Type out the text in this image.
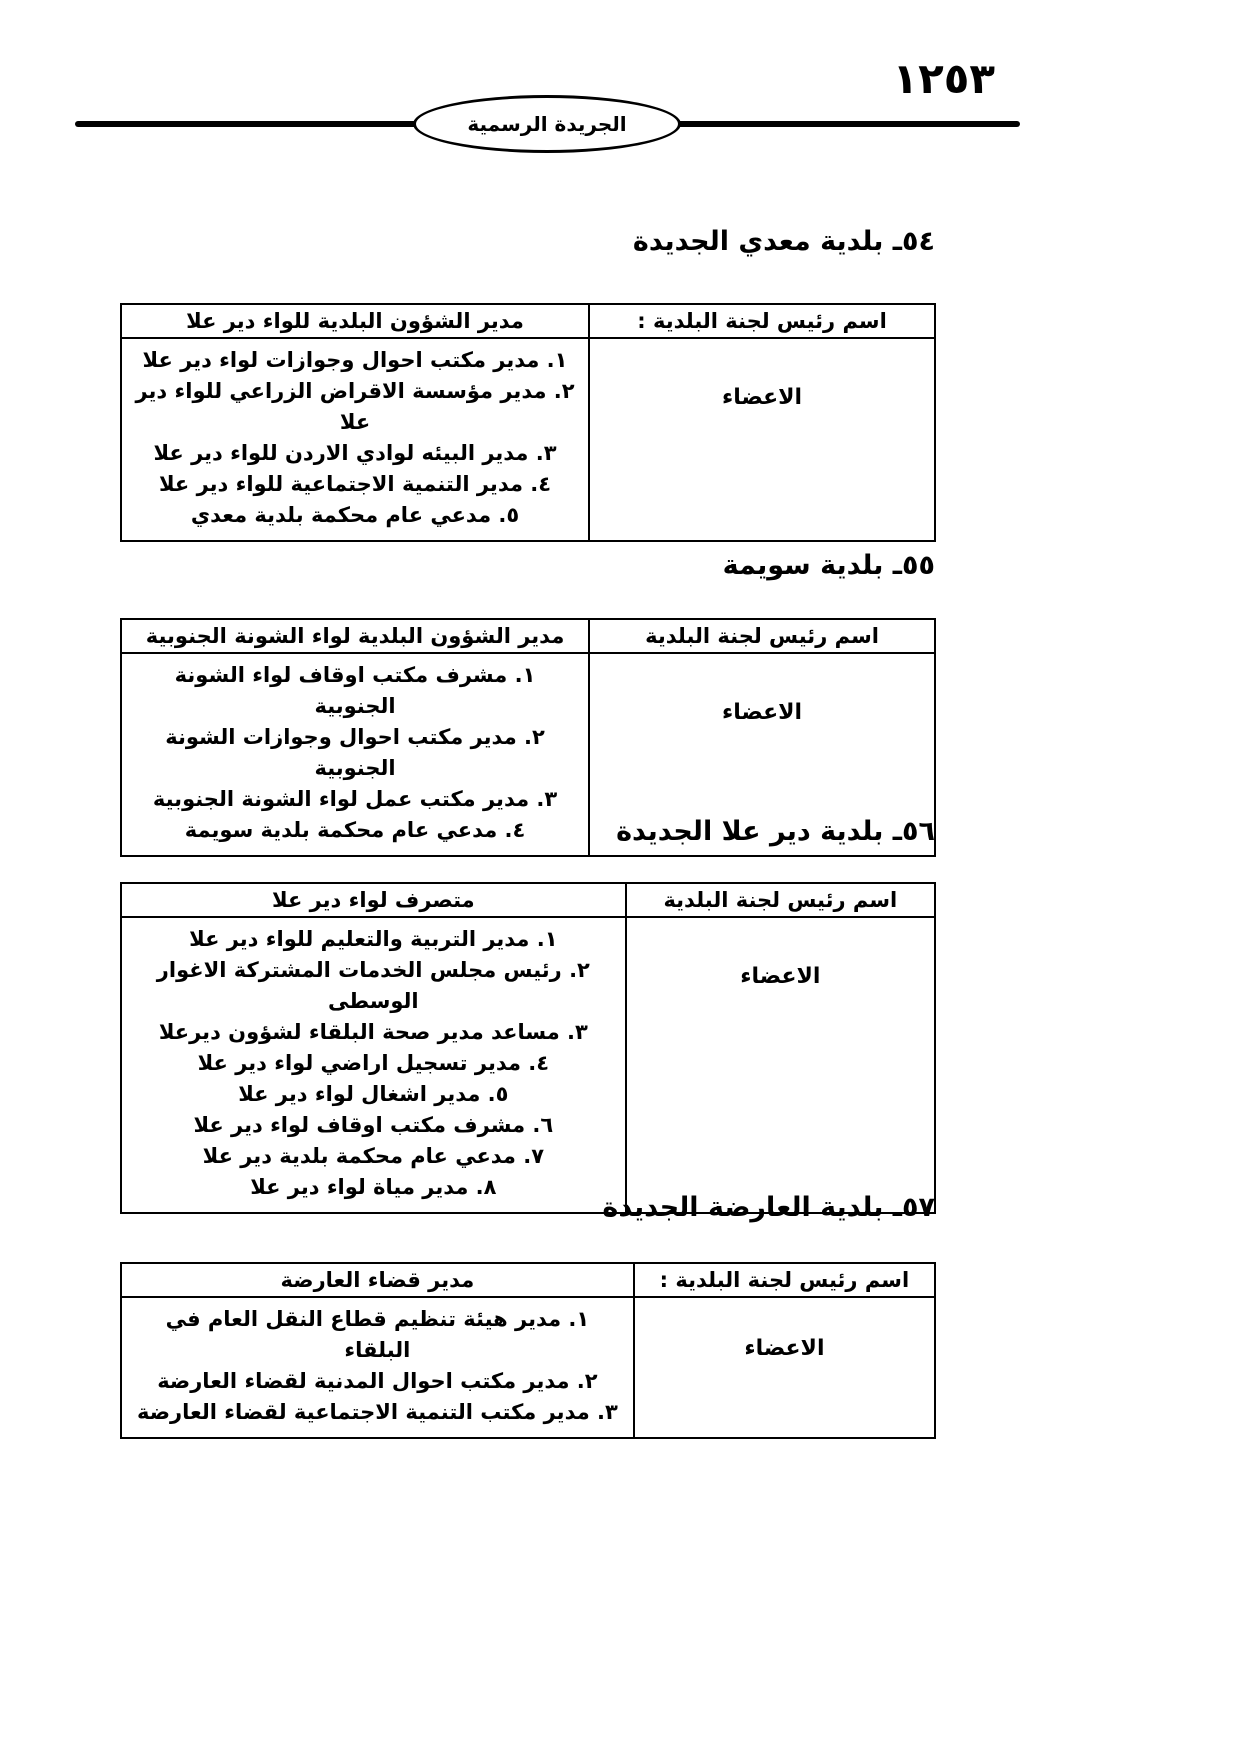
١٢٥٣
الجريدة الرسمية
٥٤ـ بلدية معدي الجديدة
اسم رئيس لجنة البلدية :	مدير الشؤون البلدية للواء دير علا
الاعضاء	١. مدير مكتب احوال وجوازات لواء دير علا
٢. مدير مؤسسة الاقراض الزراعي للواء دير علا
٣. مدير البيئه لوادي الاردن للواء دير علا
٤. مدير التنمية الاجتماعية للواء دير علا
٥. مدعي عام محكمة بلدية معدي
٥٥ـ بلدية سويمة
اسم رئيس لجنة البلدية	مدير الشؤون البلدية لواء الشونة الجنوبية
الاعضاء	١. مشرف مكتب اوقاف لواء الشونة الجنوبية
٢. مدير مكتب احوال وجوازات الشونة الجنوبية
٣. مدير مكتب عمل لواء الشونة الجنوبية
٤. مدعي عام محكمة بلدية سويمة	٥٦ـ بلدية دير علا الجديدة
اسم رئيس لجنة البلدية	متصرف لواء دير علا
الاعضاء	
١. مدير التربية والتعليم للواء دير علا
٢. رئيس مجلس الخدمات المشتركة الاغوار الوسطى
٣. مساعد مدير صحة البلقاء لشؤون ديرعلا
٤. مدير تسجيل اراضي لواء دير علا
٥. مدير اشغال لواء دير علا
٦. مشرف مكتب اوقاف لواء دير علا
٧. مدعي عام محكمة بلدية دير علا
٨. مدير مياة لواء دير علا
٥٧ـ بلدية العارضة الجديدة
اسم رئيس لجنة البلدية :	مدير قضاء العارضة
الاعضاء	١. مدير هيئة تنظيم قطاع النقل العام في البلقاء
٢. مدير مكتب احوال المدنية لقضاء العارضة
٣. مدير مكتب التنمية الاجتماعية لقضاء العارضة
